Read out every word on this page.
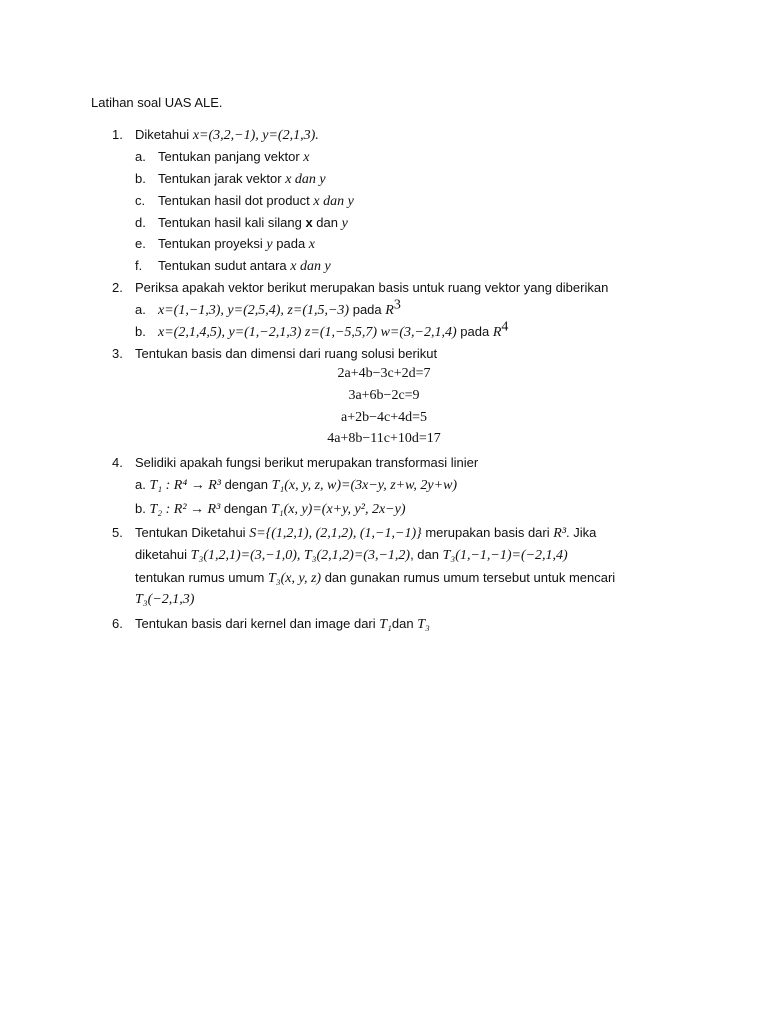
Latihan soal UAS ALE.
1. Diketahui x=(3,2,−1), y=(2,1,3).
a. Tentukan panjang vektor x
b. Tentukan jarak vektor x dan y
c. Tentukan hasil dot product x dan y
d. Tentukan hasil kali silang x dan y
e. Tentukan proyeksi y pada x
f. Tentukan sudut antara x dan y
2. Periksa apakah vektor berikut merupakan basis untuk ruang vektor yang diberikan
a. x=(1,−1,3), y=(2,5,4), z=(1,5,−3) pada $R^3$
b. x=(2,1,4,5), y=(1,−2,1,3) z=(1,−5,5,7) w=(3,−2,1,4) pada $R^4$
3. Tentukan basis dan dimensi dari ruang solusi berikut
2a+4b−3c+2d=7
3a+6b−2c=9
a+2b−4c+4d=5
4a+8b−11c+10d=17
4. Selidiki apakah fungsi berikut merupakan transformasi linier
a. T₁ : R⁴ → R³ dengan T₁(x, y, z, w)=(3x−y, z+w, 2y+w)
b. T₂ : R² → R³ dengan T₁(x, y)=(x+y, y², 2x−y)
5. Tentukan Diketahui S={(1,2,1), (2,1,2), (1,−1,−1)} merupakan basis dari R³. Jika
diketahui T₃(1,2,1)=(3,−1,0), T₃(2,1,2)=(3,−1,2), dan T₃(1,−1,−1)=(−2,1,4)
tentukan rumus umum T₃(x, y, z) dan gunakan rumus umum tersebut untuk mencari
T₃(−2,1,3)
6. Tentukan basis dari kernel dan image dari T₁dan T₃
